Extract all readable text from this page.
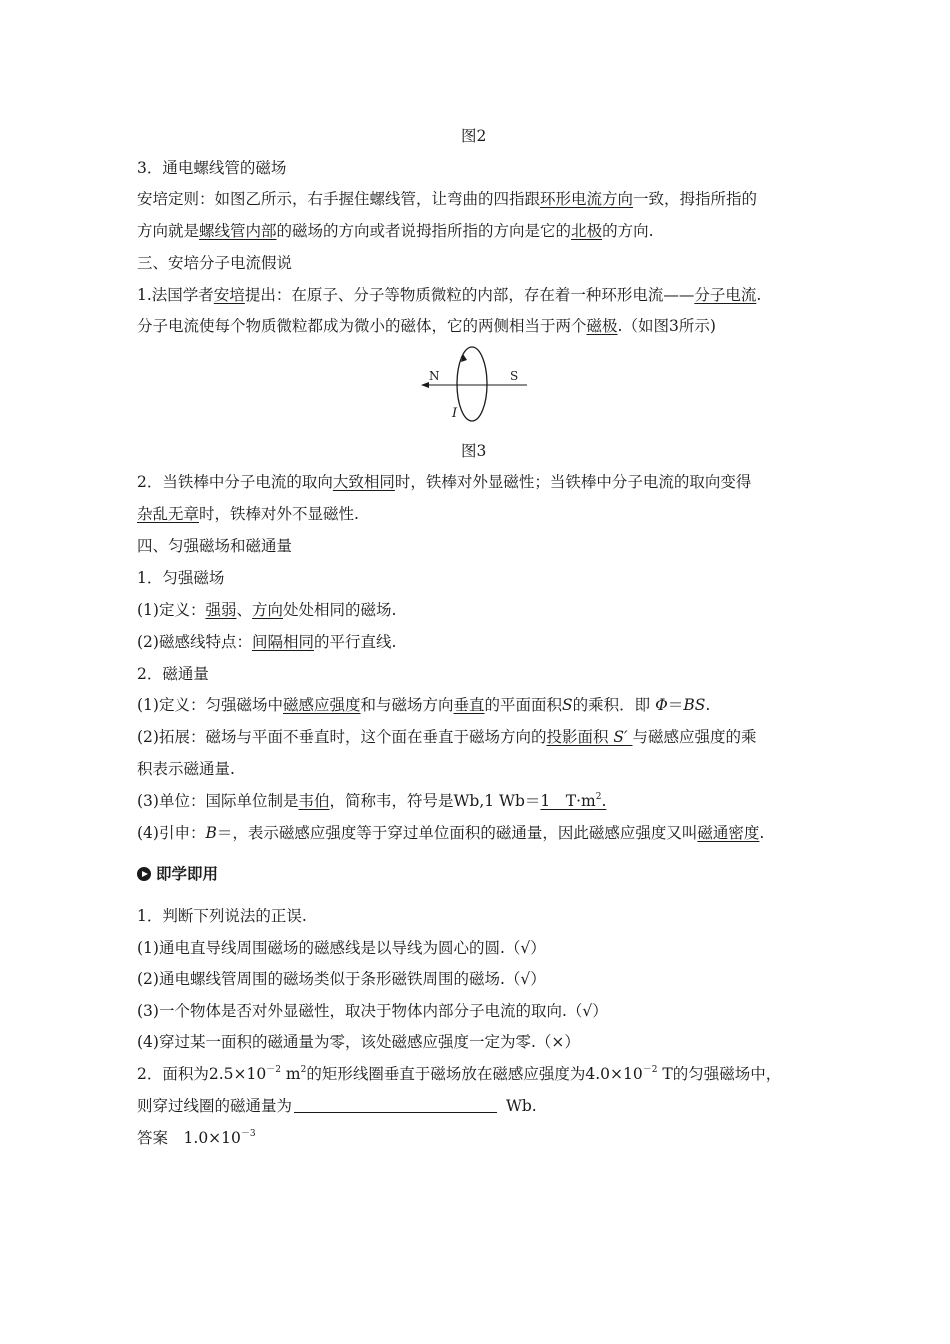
图2
3．通电螺线管的磁场
安培定则：如图乙所示，右手握住螺线管，让弯曲的四指跟环形电流方向一致，拇指所指的
方向就是螺线管内部的磁场的方向或者说拇指所指的方向是它的北极的方向.
三、安培分子电流假说
1.法国学者安培提出：在原子、分子等物质微粒的内部，存在着一种环形电流——分子电流.
分子电流使每个物质微粒都成为微小的磁体，它的两侧相当于两个磁极.（如图3所示)
N	S
I
图3
2．当铁棒中分子电流的取向大致相同时，铁棒对外显磁性；当铁棒中分子电流的取向变得
杂乱无章时，铁棒对外不显磁性.
四、匀强磁场和磁通量
1．匀强磁场
(1)定义：强弱、方向处处相同的磁场.
(2)磁感线特点：间隔相同的平行直线.
2．磁通量
(1)定义：匀强磁场中磁感应强度和与磁场方向垂直的平面面积S的乘积．即 Φ＝BS.
(2)拓展：磁场与平面不垂直时，这个面在垂直于磁场方向的投影面积 S′ 与磁感应强度的乘
积表示磁通量.
(3)单位：国际单位制是韦伯，简称韦，符号是Wb,1 Wb＝1　$T\cdot m^2$.
(4)引申：B＝，表示磁感应强度等于穿过单位面积的磁通量，因此磁感应强度又叫磁通密度.
即学即用
1．判断下列说法的正误.
(1)通电直导线周围磁场的磁感线是以导线为圆心的圆.（√）
(2)通电螺线管周围的磁场类似于条形磁铁周围的磁场.（√）
(3)一个物体是否对外显磁性，取决于物体内部分子电流的取向.（√）
(4)穿过某一面积的磁通量为零，该处磁感应强度一定为零.（×）
2．面积为$2.5\times 10^{-2}$ $m^2$的矩形线圈垂直于磁场放在磁感应强度为$4.0\times 10^{-2}$ T的匀强磁场中，
则穿过线圈的磁通量为	Wb.
答案　 $1.0\times 10^{-3}$
